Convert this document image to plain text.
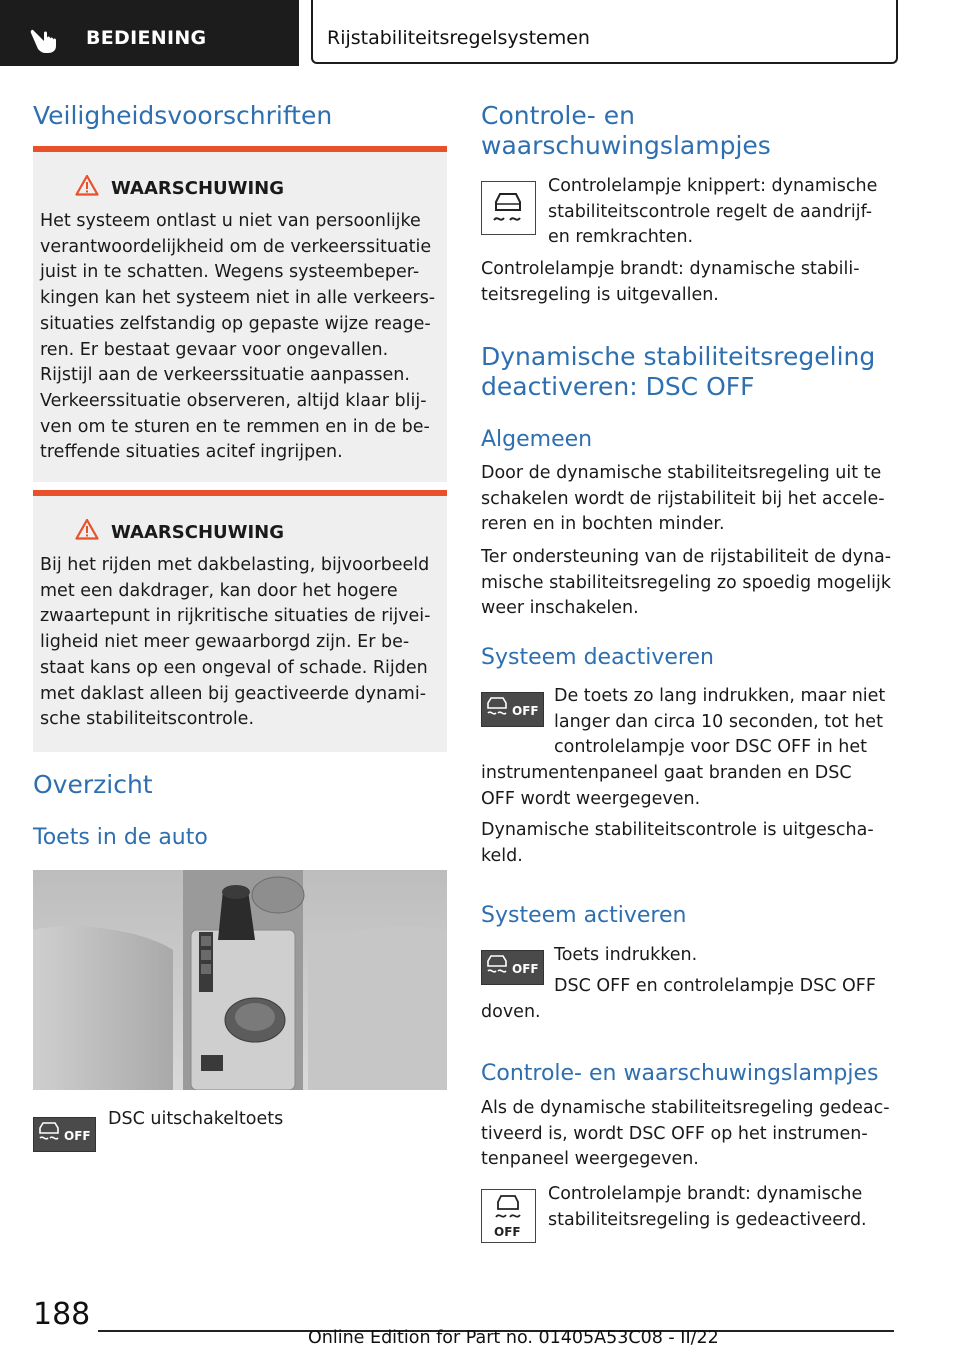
BEDIENING	Rijstabiliteitsregelsystemen
Veiligheidsvoorschriften
WAARSCHUWING

Het systeem ontlast u niet van persoonlijke

verantwoordelijkheid om de verkeerssituatie

juist in te schatten. Wegens systeembeper-

kingen kan het systeem niet in alle verkeers-

situaties zelfstandig op gepaste wijze reage-

ren. Er bestaat gevaar voor ongevallen.

Rijstijl aan de verkeerssituatie aanpassen.

Verkeerssituatie observeren, altijd klaar blij-

ven om te sturen en te remmen en in de be-

treffende situaties acitef ingrijpen.

WAARSCHUWING

Bij het rijden met dakbelasting, bijvoorbeeld

met een dakdrager, kan door het hogere

zwaartepunt in rijkritische situaties de rijvei-

ligheid niet meer gewaarborgd zijn. Er be-

staat kans op een ongeval of schade. Rijden

met daklast alleen bij geactiveerde dynami-

sche stabiliteitscontrole.

Overzicht
Toets in de auto
OFF

DSC uitschakeltoets

Controle- en
waarschuwingslampjes

Controlelampje knippert: dynamische

stabiliteitscontrole regelt de aandrijf-

en remkrachten.

Controlelampje brandt: dynamische stabili-

teitsregeling is uitgevallen.

Dynamische stabiliteitsregeling
deactiveren: DSC OFF
Algemeen

Door de dynamische stabiliteitsregeling uit te

schakelen wordt de rijstabiliteit bij het accele-

reren en in bochten minder.

Ter ondersteuning van de rijstabiliteit de dyna-

mische stabiliteitsregeling zo spoedig mogelijk

weer inschakelen.

Systeem deactiveren
OFF

De toets zo lang indrukken, maar niet

langer dan circa 10 seconden, tot het

controlelampje voor DSC OFF in het

instrumentenpaneel gaat branden en DSC

OFF wordt weergegeven.

Dynamische stabiliteitscontrole is uitgescha-

keld.

Systeem activeren
OFF

Toets indrukken.

DSC OFF en controlelampje DSC OFF

doven.

Controle- en waarschuwingslampjes

Als de dynamische stabiliteitsregeling gedeac-

tiveerd is, wordt DSC OFF op het instrumen-

tenpaneel weergegeven.

OFF

Controlelampje brandt: dynamische

stabiliteitsregeling is gedeactiveerd.

188
Online Edition for Part no. 01405A53C08 - II/22
